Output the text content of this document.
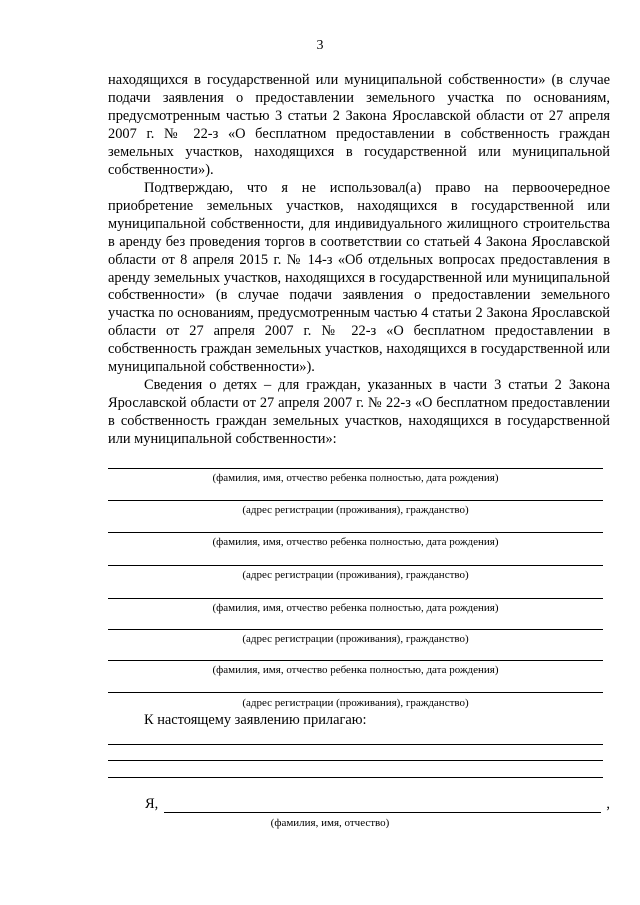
3

находящихся в государственной или муниципальной собственности» (в случае подачи заявления о предоставлении земельного участка по основаниям, предусмотренным частью 3 статьи 2 Закона Ярославской области от 27 апреля 2007 г. № 22-з «О бесплатном предоставлении в собственность граждан земельных участков, находящихся в государственной или муниципальной собственности»).

Подтверждаю, что я не использовал(а) право на первоочередное приобретение земельных участков, находящихся в государственной или муниципальной собственности, для индивидуального жилищного строительства в аренду без проведения торгов в соответствии со статьей 4 Закона Ярославской области от 8 апреля 2015 г. № 14-з «Об отдельных вопросах предоставления в аренду земельных участков, находящихся в государственной или муниципальной собственности» (в случае подачи заявления о предоставлении земельного участка по основаниям, предусмотренным частью 4 статьи 2 Закона Ярославской области от 27 апреля 2007 г. № 22-з «О бесплатном предоставлении в собственность граждан земельных участков, находящихся в государственной или муниципальной собственности»).

Сведения о детях – для граждан, указанных в части 3 статьи 2 Закона Ярославской области от 27 апреля 2007 г. № 22-з «О бесплатном предоставлении в собственность граждан земельных участков, находящихся в государственной или муниципальной собственности»:

(фамилия, имя, отчество ребенка полностью, дата рождения)
(адрес регистрации (проживания), гражданство)
(фамилия, имя, отчество ребенка полностью, дата рождения)
(адрес регистрации (проживания), гражданство)
(фамилия, имя, отчество ребенка полностью, дата рождения)
(адрес регистрации (проживания), гражданство)
(фамилия, имя, отчество ребенка полностью, дата рождения)
(адрес регистрации (проживания), гражданство)
К настоящему заявлению прилагаю:
Я,	,
(фамилия, имя, отчество)
